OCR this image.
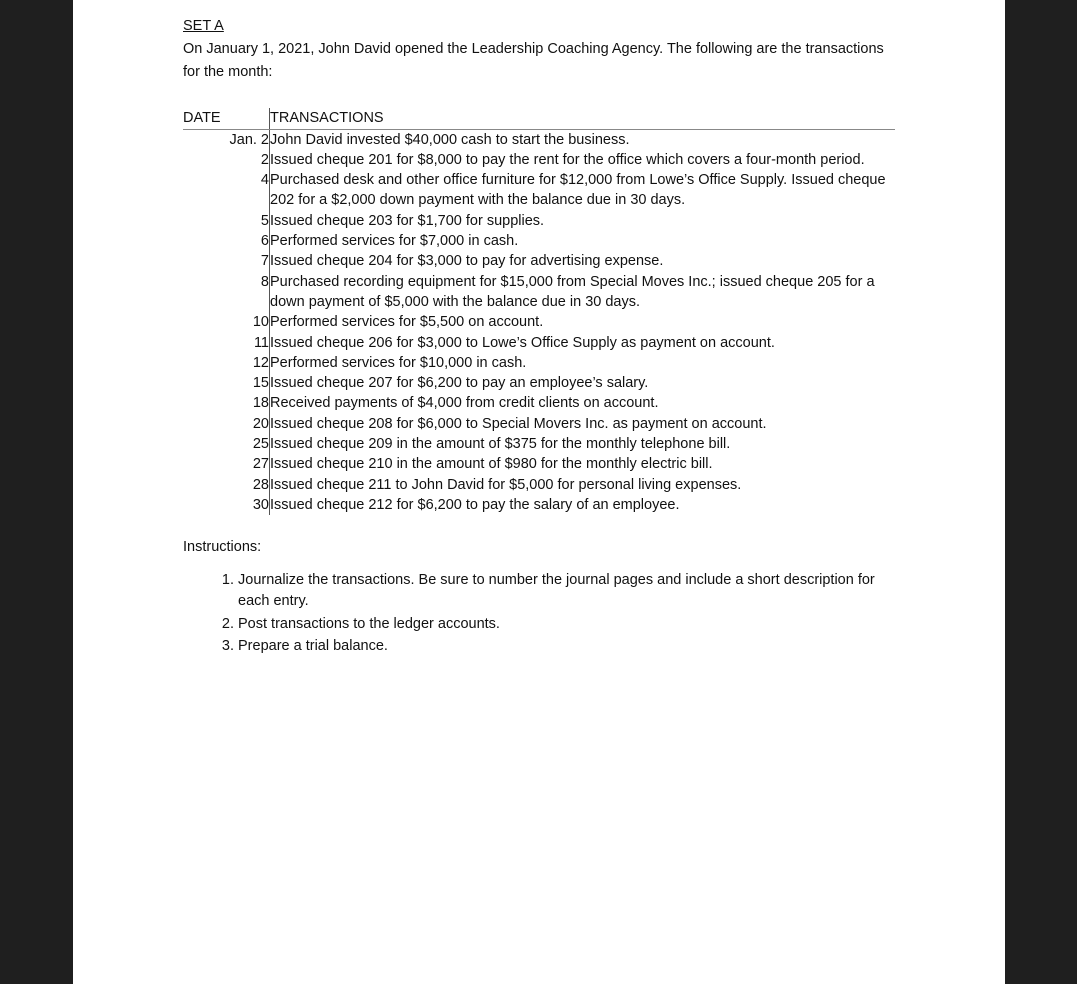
SET A

On January 1, 2021, John David opened the Leadership Coaching Agency. The following are the transactions for the month:

DATE	TRANSACTIONS
Jan. 2	John David invested $40,000 cash to start the business.
2	Issued cheque 201 for $8,000 to pay the rent for the office which covers a four-month period.
4	Purchased desk and other office furniture for $12,000 from Lowe’s Office Supply. Issued cheque 202 for a $2,000 down payment with the balance due in 30 days.
5	Issued cheque 203 for $1,700 for supplies.
6	Performed services for $7,000 in cash.
7	Issued cheque 204 for $3,000 to pay for advertising expense.
8	Purchased recording equipment for $15,000 from Special Moves Inc.; issued cheque 205 for a down payment of $5,000 with the balance due in 30 days.
10	Performed services for $5,500 on account.
11	Issued cheque 206 for $3,000 to Lowe’s Office Supply as payment on account.
12	Performed services for $10,000 in cash.
15	Issued cheque 207 for $6,200 to pay an employee’s salary.
18	Received payments of $4,000 from credit clients on account.
20	Issued cheque 208 for $6,000 to Special Movers Inc. as payment on account.
25	Issued cheque 209 in the amount of $375 for the monthly telephone bill.
27	Issued cheque 210 in the amount of $980 for the monthly electric bill.
28	Issued cheque 211 to John David for $5,000 for personal living expenses.
30	Issued cheque 212 for $6,200 to pay the salary of an employee.

Instructions:

1. Journalize the transactions. Be sure to number the journal pages and include a short description for each entry.
2. Post transactions to the ledger accounts.
3. Prepare a trial balance.
